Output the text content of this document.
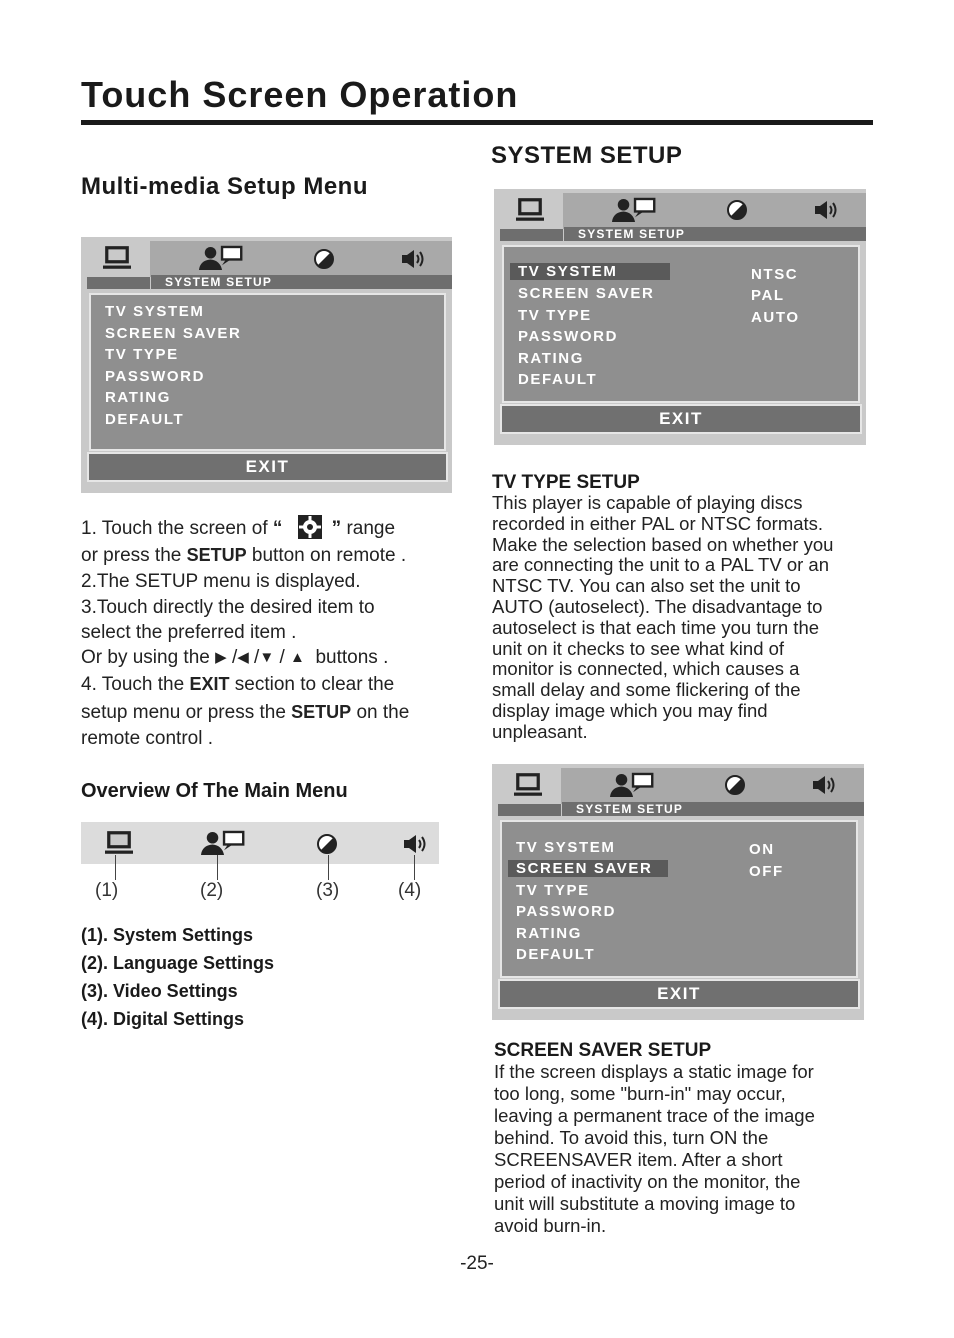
Touch Screen Operation
Multi-media Setup Menu
SYSTEM SETUP
TV SYSTEM
SCREEN SAVER
TV TYPE
PASSWORD
RATING
DEFAULT
EXIT
1. Touch the screen of “	” range
or press the SETUP button on remote .
2.The SETUP menu is displayed.
3.Touch directly the desired item to
select the preferred item .
Or by using the ▶ /◀ /▼ / ▲ buttons .
4. Touch the EXIT section to clear the
setup menu or press the SETUP on the
remote control .
Overview Of The Main Menu
(1)	(2)	(3)	(4)
(1). System Settings
(2). Language Settings
(3). Video Settings
(4). Digital Settings
SYSTEM SETUP
SYSTEM SETUP
TV SYSTEM
SCREEN SAVER
TV TYPE
PASSWORD
RATING
DEFAULT
NTSC
PAL
AUTO
EXIT
TV TYPE SETUP
This player is capable of playing discs
recorded in either PAL or NTSC formats.
Make the selection based on whether you
are connecting the unit to a PAL TV or an
NTSC TV. You can also set the unit to
AUTO (autoselect). The disadvantage to
autoselect is that each time you turn the
unit on it checks to see what kind of
monitor is connected, which causes a
small delay and some flickering of the
display image which you may find
unpleasant.
SYSTEM SETUP
TV SYSTEM
SCREEN SAVER
TV TYPE
PASSWORD
RATING
DEFAULT
ON
OFF
EXIT
SCREEN SAVER SETUP
If the screen displays a static image for
too long, some "burn-in" may occur,
leaving a permanent trace of the image
behind. To avoid this, turn ON the
SCREENSAVER item. After a short
period of inactivity on the monitor, the
unit will substitute a moving image to
avoid burn-in.
-25-
